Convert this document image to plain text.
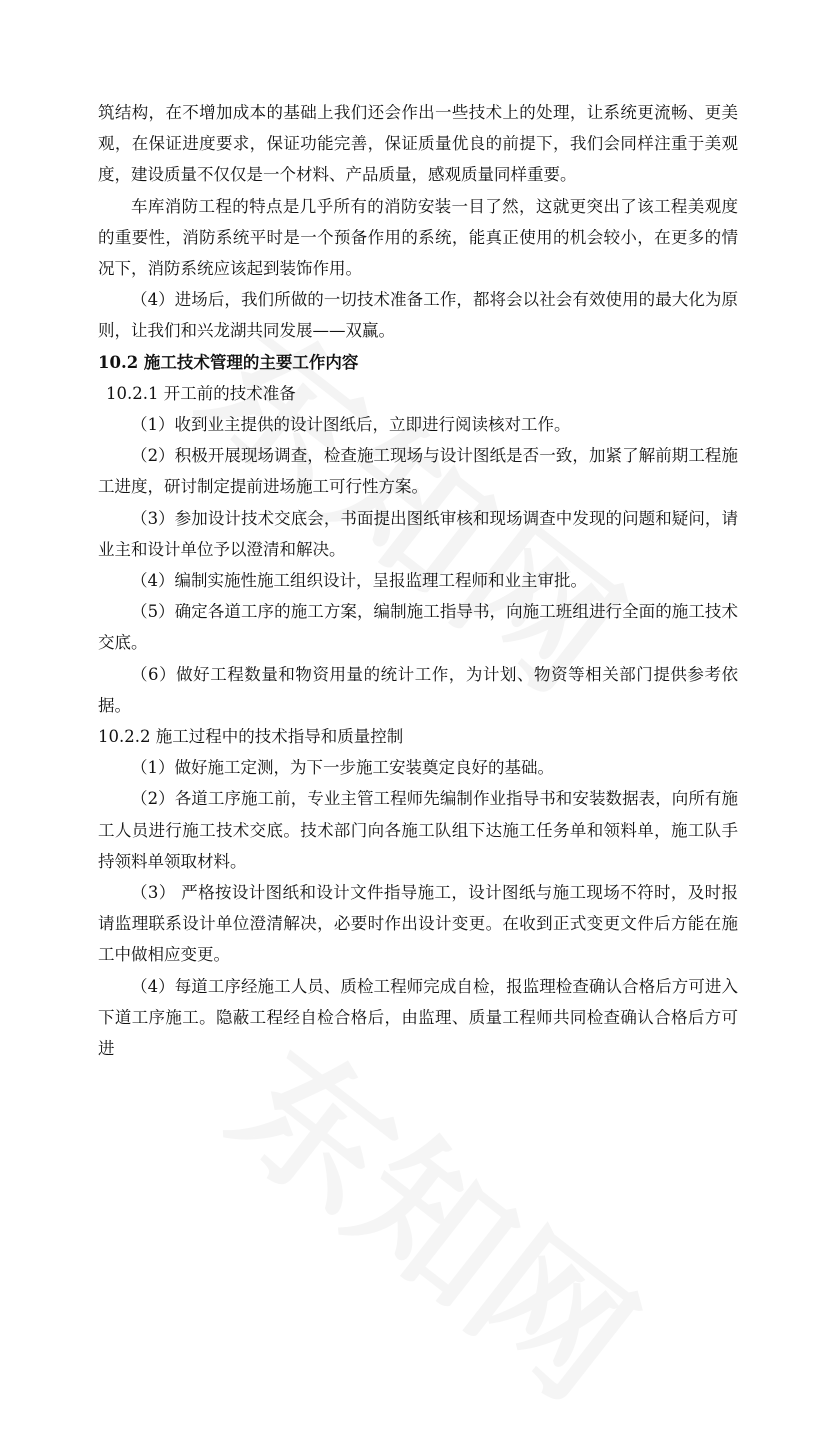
筑结构，在不增加成本的基础上我们还会作出一些技术上的处理，让系统更流畅、更美观，在保证进度要求，保证功能完善，保证质量优良的前提下，我们会同样注重于美观度，建设质量不仅仅是一个材料、产品质量，感观质量同样重要。

车库消防工程的特点是几乎所有的消防安装一目了然，这就更突出了该工程美观度的重要性，消防系统平时是一个预备作用的系统，能真正使用的机会较小，在更多的情况下，消防系统应该起到装饰作用。

（4）进场后，我们所做的一切技术准备工作，都将会以社会有效使用的最大化为原则，让我们和兴龙湖共同发展——双赢。

10.2 施工技术管理的主要工作内容

10.2.1 开工前的技术准备

（1）收到业主提供的设计图纸后，立即进行阅读核对工作。

（2）积极开展现场调查，检查施工现场与设计图纸是否一致，加紧了解前期工程施工进度，研讨制定提前进场施工可行性方案。

（3）参加设计技术交底会，书面提出图纸审核和现场调查中发现的问题和疑问，请业主和设计单位予以澄清和解决。

（4）编制实施性施工组织设计，呈报监理工程师和业主审批。

（5）确定各道工序的施工方案，编制施工指导书，向施工班组进行全面的施工技术交底。

（6）做好工程数量和物资用量的统计工作，为计划、物资等相关部门提供参考依据。

10.2.2 施工过程中的技术指导和质量控制

（1）做好施工定测，为下一步施工安装奠定良好的基础。

（2）各道工序施工前，专业主管工程师先编制作业指导书和安装数据表，向所有施工人员进行施工技术交底。技术部门向各施工队组下达施工任务单和领料单，施工队手持领料单领取材料。

（3） 严格按设计图纸和设计文件指导施工，设计图纸与施工现场不符时，及时报请监理联系设计单位澄清解决，必要时作出设计变更。在收到正式变更文件后方能在施工中做相应变更。

（4）每道工序经施工人员、质检工程师完成自检，报监理检查确认合格后方可进入下道工序施工。隐蔽工程经自检合格后，由监理、质量工程师共同检查确认合格后方可进
